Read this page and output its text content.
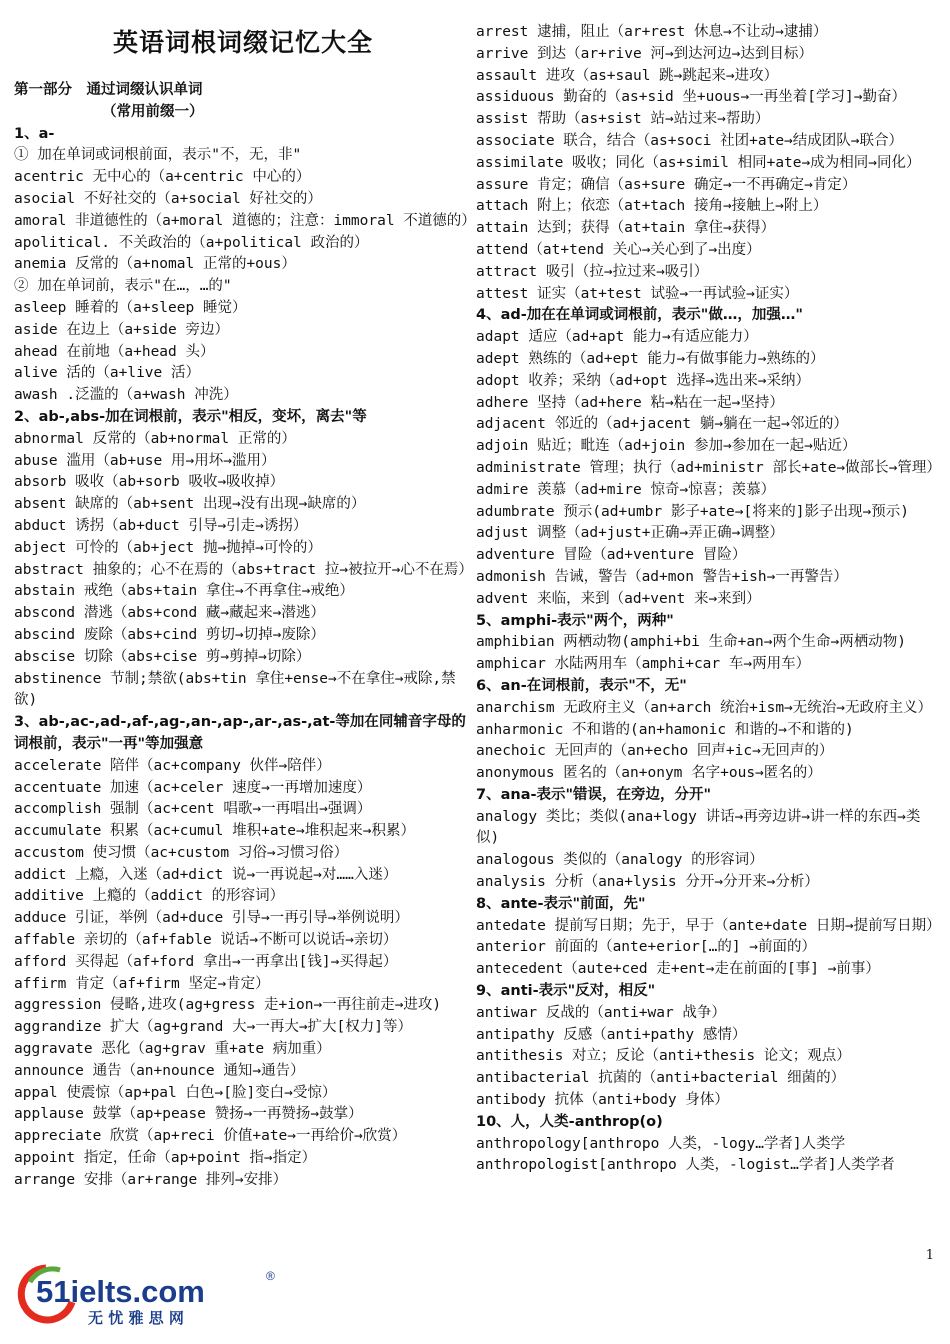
英语词根词缀记忆大全
第一部分　通过词缀认识单词
（常用前缀一）
1、a-
① 加在单词或词根前面，表示"不，无，非"
acentric 无中心的（a+centric 中心的）
asocial 不好社交的（a+social 好社交的）
amoral 非道德性的（a+moral 道德的；注意：immoral 不道德的）
apolitical. 不关政治的（a+political 政治的）
anemia 反常的（a+nomal 正常的+ous）
② 加在单词前，表示"在…，…的"
asleep 睡着的（a+sleep 睡觉）
aside 在边上（a+side 旁边）
ahead 在前地（a+head 头）
alive 活的（a+live 活）
awash .泛滥的（a+wash 冲洗）
2、ab-,abs-加在词根前，表示"相反，变坏，离去"等
abnormal 反常的（ab+normal 正常的）
abuse 滥用（ab+use 用→用坏→滥用）
absorb 吸收（ab+sorb 吸收→吸收掉）
absent 缺席的（ab+sent 出现→没有出现→缺席的）
abduct 诱拐（ab+duct 引导→引走→诱拐）
abject 可怜的（ab+ject 抛→抛掉→可怜的）
abstract 抽象的；心不在焉的（abs+tract 拉→被拉开→心不在焉）
abstain 戒绝（abs+tain 拿住→不再拿住→戒绝）
abscond 潜逃（abs+cond 藏→藏起来→潜逃）
abscind 废除（abs+cind 剪切→切掉→废除）
abscise 切除（abs+cise 剪→剪掉→切除）
abstinence 节制;禁欲(abs+tin 拿住+ense→不在拿住→戒除,禁欲)
3、ab-,ac-,ad-,af-,ag-,an-,ap-,ar-,as-,at-等加在同辅音字母的词根前，表示"一再"等加强意
accelerate 陪伴（ac+company 伙伴→陪伴）
accentuate 加速（ac+celer 速度→一再增加速度）
accomplish 强制（ac+cent 唱歌→一再唱出→强调）
accumulate 积累（ac+cumul 堆积+ate→堆积起来→积累）
accustom 使习惯（ac+custom 习俗→习惯习俗）
addict 上瘾，入迷（ad+dict 说→一再说起→对……入迷）
additive 上瘾的（addict 的形容词）
adduce 引证，举例（ad+duce 引导→一再引导→举例说明）
affable 亲切的（af+fable 说话→不断可以说话→亲切）
afford 买得起（af+ford 拿出→一再拿出[钱]→买得起）
affirm 肯定（af+firm 坚定→肯定）
aggression 侵略,进攻(ag+gress 走+ion→一再往前走→进攻)
aggrandize 扩大（ag+grand 大→一再大→扩大[权力]等）
aggravate 恶化（ag+grav 重+ate 病加重）
announce 通告（an+nounce 通知→通告）
appal 使震惊（ap+pal 白色→[脸]变白→受惊）
applause 鼓掌（ap+pease 赞扬→一再赞扬→鼓掌）
appreciate 欣赏（ap+reci 价值+ate→一再给价→欣赏）
appoint 指定，任命（ap+point 指→指定）
arrange 安排（ar+range 排列→安排）
arrest 逮捕，阻止（ar+rest 休息→不让动→逮捕）
arrive 到达（ar+rive 河→到达河边→达到目标）
assault 进攻（as+saul 跳→跳起来→进攻）
assiduous 勤奋的（as+sid 坐+uous→一再坐着[学习]→勤奋）
assist 帮助（as+sist 站→站过来→帮助）
associate 联合，结合（as+soci 社团+ate→结成团队→联合）
assimilate 吸收；同化（as+simil 相同+ate→成为相同→同化）
assure 肯定；确信（as+sure 确定→一不再确定→肯定）
attach 附上；依恋（at+tach 接角→接触上→附上）
attain 达到；获得（at+tain 拿住→获得）
attend（at+tend 关心→关心到了→出度）
attract 吸引（拉→拉过来→吸引）
attest 证实（at+test 试验→一再试验→证实）
4、ad-加在在单词或词根前，表示"做…，加强…"
adapt 适应（ad+apt 能力→有适应能力）
adept 熟练的（ad+ept 能力→有做事能力→熟练的）
adopt 收养；采纳（ad+opt 选择→选出来→采纳）
adhere 坚持（ad+here 粘→粘在一起→坚持）
adjacent 邻近的（ad+jacent 躺→躺在一起→邻近的）
adjoin 贴近；毗连（ad+join 参加→参加在一起→贴近）
administrate 管理；执行（ad+ministr 部长+ate→做部长→管理）
admire 羡慕（ad+mire 惊奇→惊喜；羡慕）
adumbrate 预示(ad+umbr 影子+ate→[将来的]影子出现→预示)
adjust 调整（ad+just+正确→弄正确→调整）
adventure 冒险（ad+venture 冒险）
admonish 告诫，警告（ad+mon 警告+ish→一再警告）
advent 来临，来到（ad+vent 来→来到）
5、amphi-表示"两个，两种"
amphibian 两栖动物(amphi+bi 生命+an→两个生命→两栖动物)
amphicar 水陆两用车（amphi+car 车→两用车）
6、an-在词根前，表示"不，无"
anarchism 无政府主义（an+arch 统治+ism→无统治→无政府主义）
anharmonic 不和谐的(an+hamonic 和谐的→不和谐的)
anechoic 无回声的（an+echo 回声+ic→无回声的）
anonymous 匿名的（an+onym 名字+ous→匿名的）
7、ana-表示"错误，在旁边，分开"
analogy 类比；类似(ana+logy 讲话→再旁边讲→讲一样的东西→类似)
analogous 类似的（analogy 的形容词）
analysis 分析（ana+lysis 分开→分开来→分析）
8、ante-表示"前面，先"
antedate 提前写日期；先于，早于（ante+date 日期→提前写日期）
anterior 前面的（ante+erior[…的] →前面的）
antecedent（aute+ced 走+ent→走在前面的[事] →前事）
9、anti-表示"反对，相反"
antiwar 反战的（anti+war 战争）
antipathy 反感（anti+pathy 感情）
antithesis 对立；反论（anti+thesis 论文；观点）
antibacterial 抗菌的（anti+bacterial 细菌的）
antibody 抗体（anti+body 身体）
10、人，人类-anthrop(o)
anthropology[anthropo 人类，-logy…学者]人类学
anthropologist[anthropo 人类，-logist…学者]人类学者
1
51ielts.com	®
无 忧 雅 思 网
